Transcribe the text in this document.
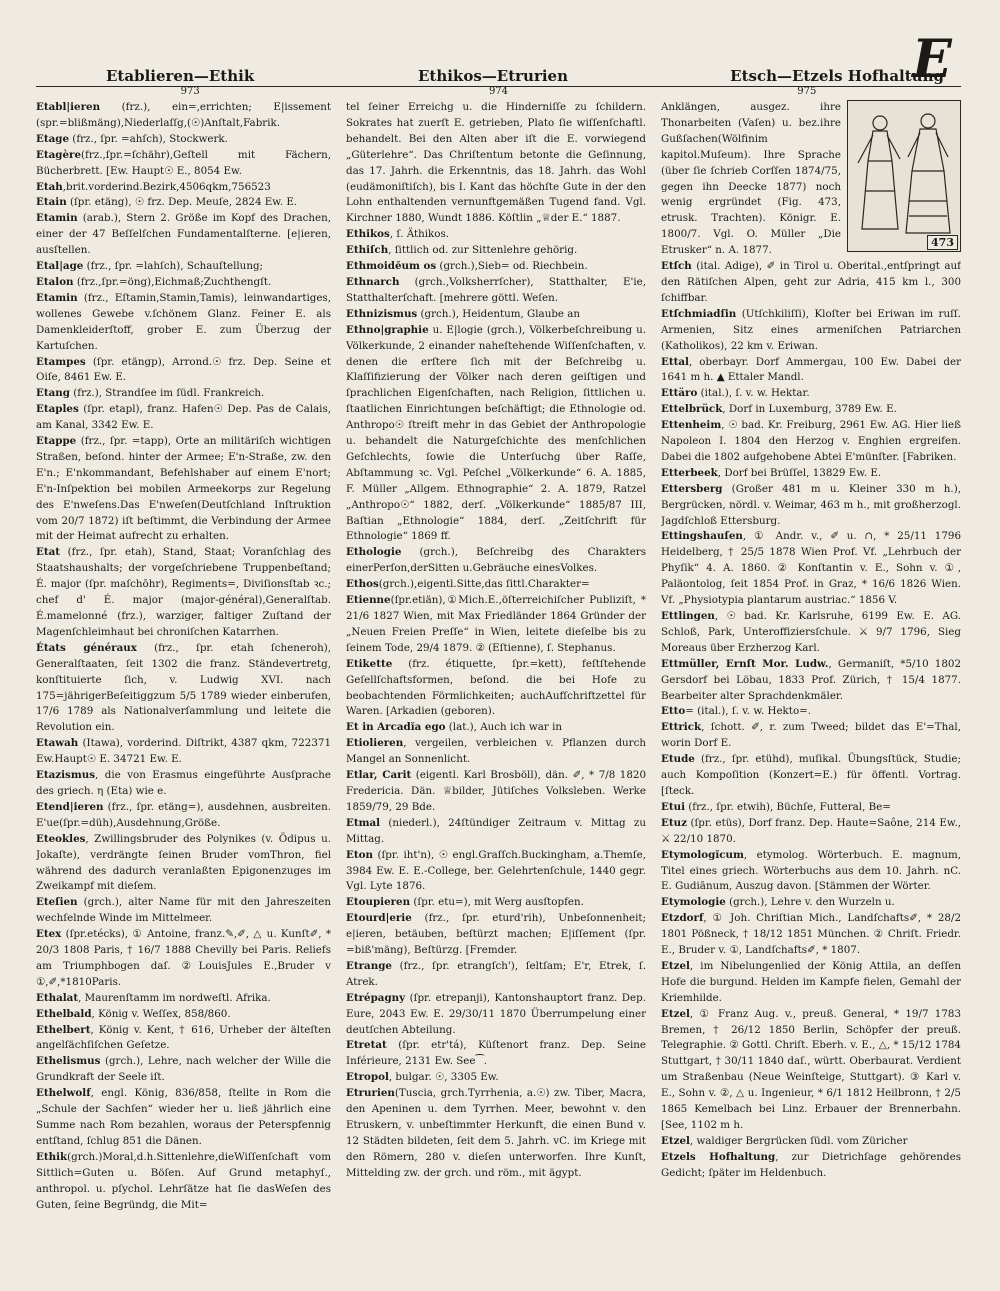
Etablieren—Ethik	Ethikos—Etrurien	Etsch—Etzels Hofhaltung
E
973	974	975

Etabl|ieren (frz.), ein=,errichten; E|issement (spr.=blißmäng),Niederlaſſg,(☉)Anſtalt,Fabrik.

Etage (frz., ſpr. =ahſch), Stockwerk.

Etagère(frz.,ſpr.=ſchähr),Geſtell mit Fächern, Bücherbrett. [Ew. Haupt☉ E., 8054 Ew.

Etah,brit.vorderind.Bezirk,4506qkm,756523

Etain (ſpr. etäng), ☉ frz. Dep. Meuſe, 2824 Ew. E.

Etamin (arab.), Stern 2. Größe im Kopf des Drachen, einer der 47 Beſſelſchen Fundamentalſterne. [e|ieren, ausſtellen.

Etal|age (frz., ſpr. =lahſch), Schauſtellung;

Etalon (frz.,ſpr.=öng),Eichmaß;Zuchthengſt.

Etamin (frz., Eſtamin,Stamin,Tamis), leinwandartiges, wollenes Gewebe v.ſchönem Glanz. Feiner E. als Damenkleiderſtoff, grober E. zum Überzug der Kartuſchen.

Etampes (ſpr. etängp), Arrond.☉ frz. Dep. Seine et Oiſe, 8461 Ew. E.

Etang (frz.), Strandſee im ſüdl. Frankreich.

Etaples (ſpr. etapl), franz. Hafen☉ Dep. Pas de Calais, am Kanal, 3342 Ew. E.

Etappe (frz., ſpr. =tapp), Orte an militäriſch wichtigen Straßen, beſond. hinter der Armee; E'n-Straße, zw. den E'n.; E'nkommandant, Befehlshaber auf einem E'nort; E'n-Inſpektion bei mobilen Armeekorps zur Regelung des E'nweſens.Das E'nweſen(Deutſchland Inſtruktion vom 20/7 1872) iſt beſtimmt, die Verbindung der Armee mit der Heimat aufrecht zu erhalten.

Etat (frz., ſpr. etah), Stand, Staat; Voranſchlag des Staatshaushalts; der vorgeſchriebene Truppenbeſtand; É. major (ſpr. maſchōhr), Regiments=, Diviſionsſtab ꝛc.; chef d' É. major (major-général),Generalſtab. É.mamelonné (frz.), warziger, faltiger Zuſtand der Magenſchleimhaut bei chroniſchen Katarrhen.

États généraux (frz., ſpr. etah ſcheneroh), Generalſtaaten, ſeit 1302 die franz. Ständevertretg, konſtituierte ſich, v. Ludwig XVI. nach 175=jährigerBeſeitiggzum 5/5 1789 wieder einberufen, 17/6 1789 als Nationalverſammlung und leitete die Revolution ein.

Etawah (Itawa), vorderind. Diſtrikt, 4387 qkm, 722371 Ew.Haupt☉ E. 34721 Ew. E.

Etazismus, die von Erasmus eingeführte Ausſprache des griech. η (Eta) wie e.

Etend|ieren (frz., ſpr. etäng=), ausdehnen, ausbreiten. E'ue(ſpr.=düh),Ausdehnung,Größe.

Eteokles, Zwillingsbruder des Polynikes (v. Ödipus u. Jokaſte), verdrängte ſeinen Bruder vomThron, fiel während des dadurch veranlaßten Epigonenzuges im Zweikampf mit dieſem.

Eteſien (grch.), alter Name für mit den Jahreszeiten wechſelnde Winde im Mittelmeer.

Etex (ſpr.etécks), ① Antoine, franz.✎,✐, △ u. Kunſt✐, * 20/3 1808 Paris, † 16/7 1888 Chevilly bei Paris. Reliefs am Triumphbogen daſ. ②LouisJules E.,Bruder v ①,✐,*1810Paris.

Ethalat, Maurenſtamm im nordweſtl. Afrika.

Ethelbald, König v. Weſſex, 858/860.

Ethelbert, König v. Kent, † 616, Urheber der älteſten angelſächſiſchen Geſetze.

Ethelismus (grch.), Lehre, nach welcher der Wille die Grundkraft der Seele iſt.

Ethelwolf, engl. König, 836/858, ſtellte in Rom die „Schule der Sachſen“ wieder her u. ließ jährlich eine Summe nach Rom bezahlen, woraus der Peterspfennig entſtand, ſchlug 851 die Dänen.

Ethik(grch.)Moral,d.h.Sittenlehre,dieWiſſenſchaft vom Sittlich=Guten u. Böſen. Auf Grund metaphyſ., anthropol. u. pſychol. Lehrſätze hat ſie dasWeſen des Guten, ſeine Begründg, die Mit=

tel ſeiner Erreichg u. die Hinderniſſe zu ſchildern. Sokrates hat zuerſt E. getrieben, Plato ſie wiſſenſchaftl. behandelt. Bei den Alten aber iſt die E. vorwiegend „Güterlehre“. Das Chriſtentum betonte die Geſinnung, das 17. Jahrh. die Erkenntnis, das 18. Jahrh. das Wohl (eudämoniſtiſch), bis I. Kant das höchſte Gute in der den Lohn enthaltenden vernunftgemäßen Tugend fand. Vgl. Kirchner 1880, Wundt 1886. Köſtlin „♕der E.“ 1887.

Ethikos, ſ. Äthikos.

Ethiſch, ſittlich od. zur Sittenlehre gehörig.

Ethmoidĕum os (grch.),Sieb= od. Riechbein.

Ethnarch (grch.,Volksherrſcher), Statthalter, E'ie, Statthalterſchaft. [mehrere göttl. Weſen.

Ethnizismus (grch.), Heidentum, Glaube an

Ethno|graphie u. E|logie (grch.), Völkerbeſchreibung u. Völkerkunde, 2 einander naheſtehende Wiſſenſchaften, v. denen die erſtere ſich mit der Beſchreibg u. Klaſſifizierung der Völker nach deren geiſtigen und ſprachlichen Eigenſchaften, nach Religion, ſittlichen u. ſtaatlichen Einrichtungen beſchäftigt; die Ethnologie od. Anthropo☉ ſtreift mehr in das Gebiet der Anthropologie u. behandelt die Naturgeſchichte des menſchlichen Geſchlechts, ſowie die Unterſuchg über Raſſe, Abſtammung ꝛc. Vgl. Peſchel „Völkerkunde“ 6. A. 1885, F. Müller „Allgem. Ethnographie“ 2. A. 1879, Ratzel „Anthropo☉“ 1882, derſ. „Völkerkunde“ 1885/87 III, Baſtian „Ethnologie“ 1884, derſ. „Zeitſchrift für Ethnologie“ 1869 ff.

Ethologie (grch.), Beſchreibg des Charakters einerPerſon,derSitten u.Gebräuche einesVolkes.

Ethos(grch.),eigentl.Sitte,das ſittl.Charakter=

Etienne(ſpr.etiän),①Mich.E.,öſterreichiſcher Publiziſt, * 21/6 1827 Wien, mit Max Friedländer 1864 Gründer der „Neuen Freien Preſſe“ in Wien, leitete dieſelbe bis zu ſeinem Tode, 29/4 1879. ② (Eſtienne), ſ. Stephanus.

Etikette (frz. étiquette, ſpr.=kett), feſtſtehende Geſellſchaftsformen, beſond. die bei Hofe zu beobachtenden Förmlichkeiten; auchAufſchriftzettel für Waren. [Arkadien (geboren).

Et in Arcadĭa ego (lat.), Auch ich war in

Etiolieren, vergeilen, verbleichen v. Pflanzen durch Mangel an Sonnenlicht.

Etlar, Carit (eigentl. Karl Brosböll), dän. ✐, * 7/8 1820 Fredericia. Dän. ♕bilder, Jütiſches Volksleben. Werke 1859/79, 29 Bde.

Etmal (niederl.), 24ſtündiger Zeitraum v. Mittag zu Mittag.

Eton (ſpr. iht'n), ☉ engl.Graſſch.Buckingham, a.Themſe, 3984 Ew. E. E.-College, ber. Gelehrtenſchule, 1440 gegr. Vgl. Lyte 1876.

Etoupieren (ſpr. etu=), mit Werg ausſtopfen.

Etourd|erie (frz., ſpr. eturd'rih), Unbeſonnenheit; e|ieren, betäuben, beſtürzt machen; E|iſſement (ſpr. =biß'mäng), Beſtürzg. [Fremder.

Etrange (frz., ſpr. etrangſch'), ſeltſam; E'r, Etrek, ſ. Atrek.

Etrépagny (ſpr. etrepanji), Kantonshauptort franz. Dep. Eure, 2043 Ew. E. 29/30/11 1870 Überrumpelung einer deutſchen Abteilung.

Etretat (ſpr. etr'tá), Küſtenort franz. Dep. Seine Inférieure, 2131 Ew. See⁀.

Etropol, bulgar. ☉, 3305 Ew.

Etrurien(Tuscia, grch.Tyrrhenia, a.☉) zw. Tiber, Macra, den Apeninen u. dem Tyrrhen. Meer, bewohnt v. den Etruskern, v. unbeſtimmter Herkunft, die einen Bund v. 12 Städten bildeten, ſeit dem 5. Jahrh. vC. im Kriege mit den Römern, 280 v. dieſen unterworfen. Ihre Kunſt, Mittelding zw. der grch. und röm., mit ägypt.

473

Anklängen, ausgez. ihre Thonarbeiten (Vaſen) u. bez.ihre Gußſachen(Wölfinim kapitol.Muſeum). Ihre Sprache (über ſie ſchrieb Corſſen 1874/75, gegen ihn Deecke 1877) noch wenig ergründet (Fig. 473, etrusk. Trachten). Königr. E. 1800/7. Vgl. O. Müller „Die Etrusker“ n. A. 1877.

Etſch (ital. Adige), ✐ in Tirol u. Oberital.,entſpringt auf den Rätiſchen Alpen, geht zur Adria, 415 km l., 300 ſchiffbar.

Etſchmiadſin (Utſchkiliſſi), Kloſter bei Eriwan im ruſſ. Armenien, Sitz eines armeniſchen Patriarchen (Katholikos), 22 km v. Eriwan.

Ettal, oberbayr. Dorf Ammergau, 100 Ew. Dabei der 1641 m h. ▲ Ettaler Mandl.

Ettäro (ital.), ſ. v. w. Hektar.

Ettelbrück, Dorf in Luxemburg, 3789 Ew. E.

Ettenheim, ☉ bad. Kr. Freiburg, 2961 Ew. AG. Hier ließ Napoleon I. 1804 den Herzog v. Enghien ergreifen. Dabei die 1802 aufgehobene Abtei E'münſter. [Fabriken.

Etterbeek, Dorf bei Brüſſel, 13829 Ew. E.

Ettersberg (Großer 481 m u. Kleiner 330 m h.), Bergrücken, nördl. v. Weimar, 463 m h., mit großherzogl. Jagdſchloß Ettersburg.

Ettingshauſen, ① Andr. v., ✐ u. ∩, * 25/11 1796 Heidelberg, † 25/5 1878 Wien Prof. Vf. „Lehrbuch der Phyſik“ 4. A. 1860. ② Konſtantin v. E., Sohn v. ①, Paläontolog, ſeit 1854 Prof. in Graz, * 16/6 1826 Wien. Vf. „Physiotypia plantarum austriac.“ 1856 V.

Ettlingen, ☉ bad. Kr. Karlsruhe, 6199 Ew. E. AG. Schloß, Park, Unteroffiziersſchule. ⚔ 9/7 1796, Sieg Moreaus über Erzherzog Karl.

Ettmüller, Ernſt Mor. Ludw., Germaniſt, *5/10 1802 Gersdorf bei Löbau, 1833 Prof. Zürich, † 15/4 1877. Bearbeiter alter Sprachdenkmäler.

Etto= (ital.), ſ. v. w. Hekto=.

Ettrick, ſchott. ✐, r. zum Tweed; bildet das E'=Thal, worin Dorf E.

Etude (frz., ſpr. etühd), muſikal. Übungsſtück, Studie; auch Kompoſition (Konzert=E.) für öffentl. Vortrag. [ſteck.

Etui (frz., ſpr. etwih), Büchſe, Futteral, Be=

Etuz (ſpr. etüs), Dorf franz. Dep. Haute=Saône, 214 Ew., ⚔ 22/10 1870.

Etymologĭcum, etymolog. Wörterbuch. E. magnum, Titel eines griech. Wörterbuchs aus dem 10. Jahrh. nC. E. Gudiānum, Auszug davon. [Stämmen der Wörter.

Etymologie (grch.), Lehre v. den Wurzeln u.

Etzdorf, ① Joh. Chriſtian Mich., Landſchafts✐, * 28/2 1801 Pößneck, † 18/12 1851 München. ② Chriſt. Friedr. E., Bruder v. ①, Landſchafts✐, * 1807.

Etzel, im Nibelungenlied der König Attila, an deſſen Hofe die burgund. Helden im Kampfe fielen, Gemahl der Kriemhilde.

Etzel, ① Franz Aug. v., preuß. General, * 19/7 1783 Bremen, † 26/12 1850 Berlin, Schöpfer der preuß. Telegraphie. ② Gottl. Chriſt. Eberh. v. E., △, * 15/12 1784 Stuttgart, † 30/11 1840 daſ., württ. Oberbaurat. Verdient um Straßenbau (Neue Weinſteige, Stuttgart). ③ Karl v. E., Sohn v. ②, △ u. Ingenieur, * 6/1 1812 Heilbronn, † 2/5 1865 Kemelbach bei Linz. Erbauer der Brennerbahn. [See, 1102 m h.

Etzel, waldiger Bergrücken ſüdl. vom Züricher

Etzels Hofhaltung, zur Dietrichſage gehörendes Gedicht; ſpäter im Heldenbuch.
